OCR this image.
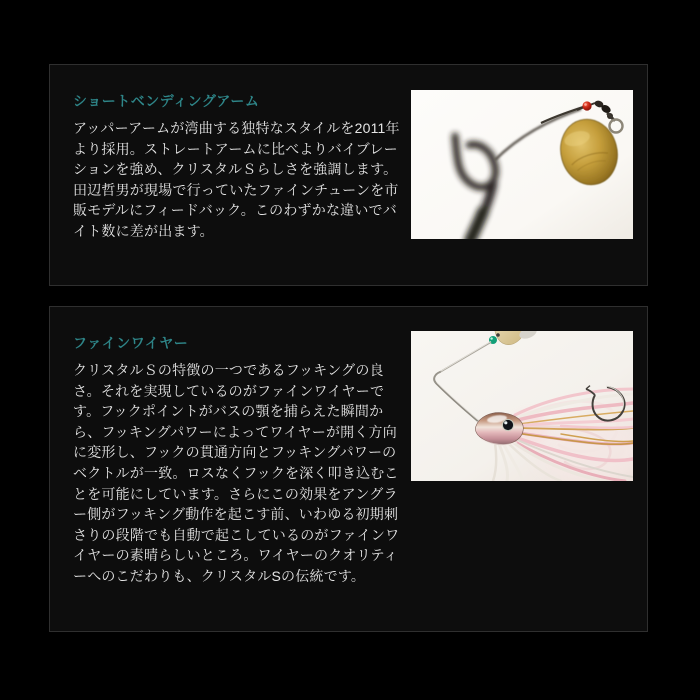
ショートベンディングアーム
アッパーアームが湾曲する独特なスタイルを2011年
より採用。ストレートアームに比べよりバイブレー
ションを強め、クリスタルＳらしさを強調します。
田辺哲男が現場で行っていたファインチューンを市
販モデルにフィードバック。このわずかな違いでバ
イト数に差が出ます。
ファインワイヤー
クリスタルＳの特徴の一つであるフッキングの良
さ。それを実現しているのがファインワイヤーで
す。フックポイントがバスの顎を捕らえた瞬間か
ら、フッキングパワーによってワイヤーが開く方向
に変形し、フックの貫通方向とフッキングパワーの
ベクトルが一致。ロスなくフックを深く叩き込むこ
とを可能にしています。さらにこの効果をアングラ
ー側がフッキング動作を起こす前、いわゆる初期刺
さりの段階でも自動で起こしているのがファインワ
イヤーの素晴らしいところ。ワイヤーのクオリティ
ーへのこだわりも、クリスタルSの伝統です。
